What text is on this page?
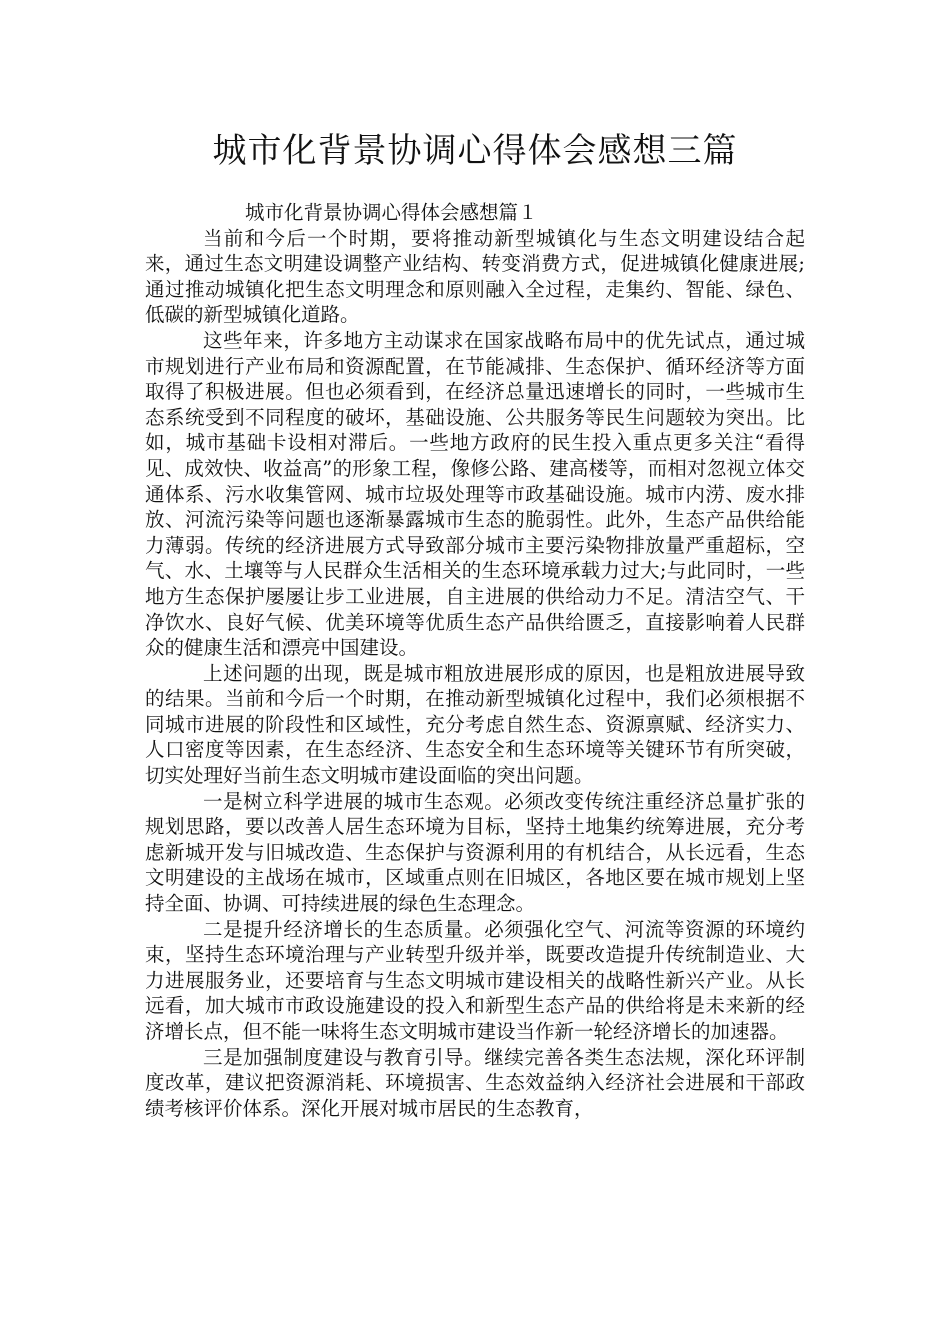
城市化背景协调心得体会感想三篇

城市化背景协调心得体会感想篇１

当前和今后一个时期，要将推动新型城镇化与生态文明建设结合起来，通过生态文明建设调整产业结构、转变消费方式，促进城镇化健康进展;通过推动城镇化把生态文明理念和原则融入全过程，走集约、智能、绿色、低碳的新型城镇化道路。

这些年来，许多地方主动谋求在国家战略布局中的优先试点，通过城市规划进行产业布局和资源配置，在节能减排、生态保护、循环经济等方面取得了积极进展。但也必须看到，在经济总量迅速增长的同时，一些城市生态系统受到不同程度的破坏，基础设施、公共服务等民生问题较为突出。比如，城市基础卡设相对滞后。一些地方政府的民生投入重点更多关注“看得见、成效快、收益高”的形象工程，像修公路、建高楼等，而相对忽视立体交通体系、污水收集管网、城市垃圾处理等市政基础设施。城市内涝、废水排放、河流污染等问题也逐渐暴露城市生态的脆弱性。此外，生态产品供给能力薄弱。传统的经济进展方式导致部分城市主要污染物排放量严重超标，空气、水、土壤等与人民群众生活相关的生态环境承载力过大;与此同时，一些地方生态保护屡屡让步工业进展，自主进展的供给动力不足。清洁空气、干净饮水、良好气候、优美环境等优质生态产品供给匮乏，直接影响着人民群众的健康生活和漂亮中国建设。

上述问题的出现，既是城市粗放进展形成的原因，也是粗放进展导致的结果。当前和今后一个时期，在推动新型城镇化过程中，我们必须根据不同城市进展的阶段性和区域性，充分考虑自然生态、资源禀赋、经济实力、人口密度等因素，在生态经济、生态安全和生态环境等关键环节有所突破，切实处理好当前生态文明城市建设面临的突出问题。

一是树立科学进展的城市生态观。必须改变传统注重经济总量扩张的规划思路，要以改善人居生态环境为目标，坚持土地集约统筹进展，充分考虑新城开发与旧城改造、生态保护与资源利用的有机结合，从长远看，生态文明建设的主战场在城市，区域重点则在旧城区，各地区要在城市规划上坚持全面、协调、可持续进展的绿色生态理念。

二是提升经济增长的生态质量。必须强化空气、河流等资源的环境约束，坚持生态环境治理与产业转型升级并举，既要改造提升传统制造业、大力进展服务业，还要培育与生态文明城市建设相关的战略性新兴产业。从长远看，加大城市市政设施建设的投入和新型生态产品的供给将是未来新的经济增长点，但不能一味将生态文明城市建设当作新一轮经济增长的加速器。

三是加强制度建设与教育引导。继续完善各类生态法规，深化环评制度改革，建议把资源消耗、环境损害、生态效益纳入经济社会进展和干部政绩考核评价体系。深化开展对城市居民的生态教育，
